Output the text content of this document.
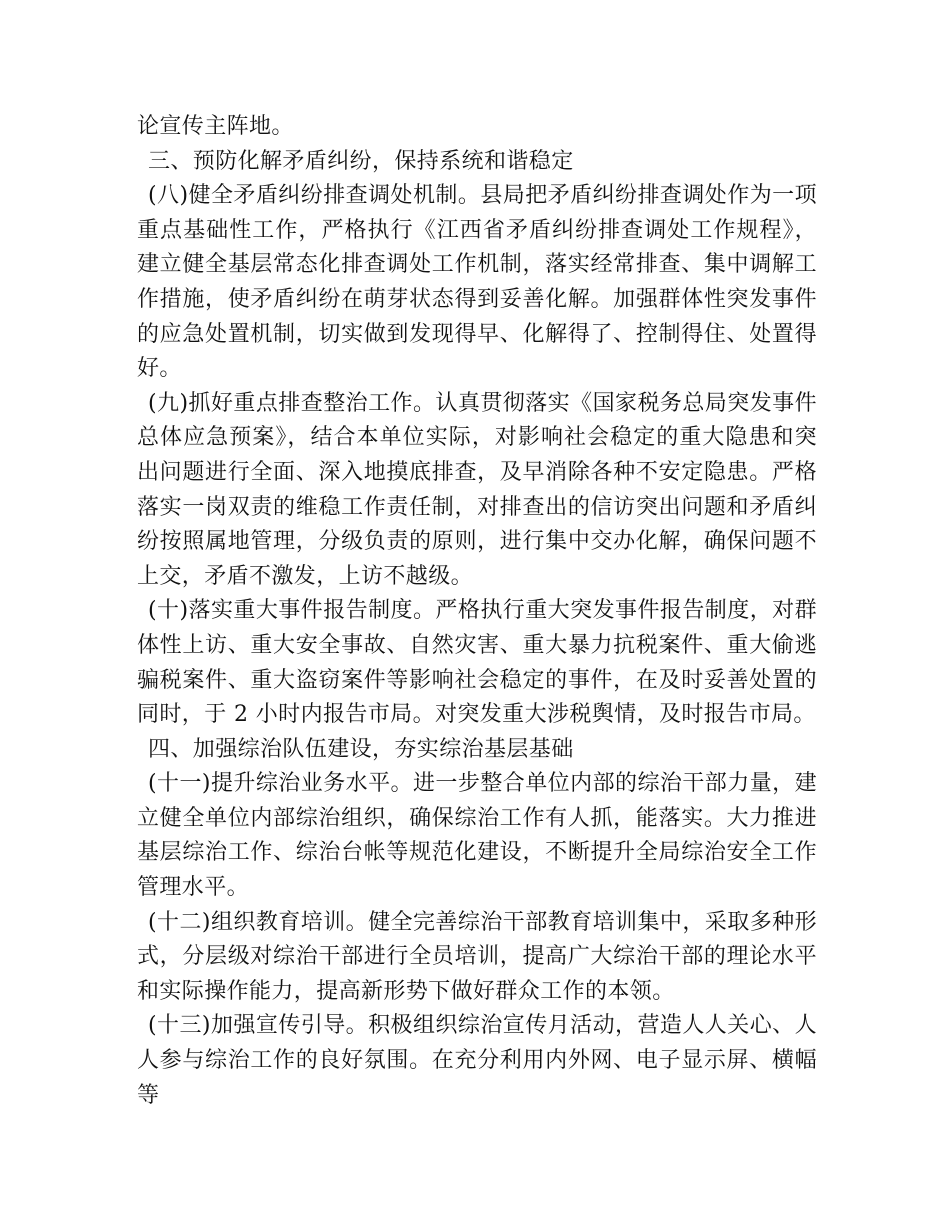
论宣传主阵地。

三、预防化解矛盾纠纷，保持系统和谐稳定

(八)健全矛盾纠纷排查调处机制。县局把矛盾纠纷排查调处作为一项重点基础性工作，严格执行《江西省矛盾纠纷排查调处工作规程》，建立健全基层常态化排查调处工作机制，落实经常排查、集中调解工作措施，使矛盾纠纷在萌芽状态得到妥善化解。加强群体性突发事件的应急处置机制，切实做到发现得早、化解得了、控制得住、处置得好。

(九)抓好重点排查整治工作。认真贯彻落实《国家税务总局突发事件总体应急预案》，结合本单位实际，对影响社会稳定的重大隐患和突出问题进行全面、深入地摸底排查，及早消除各种不安定隐患。严格落实一岗双责的维稳工作责任制，对排查出的信访突出问题和矛盾纠纷按照属地管理，分级负责的原则，进行集中交办化解，确保问题不上交，矛盾不激发，上访不越级。

(十)落实重大事件报告制度。严格执行重大突发事件报告制度，对群体性上访、重大安全事故、自然灾害、重大暴力抗税案件、重大偷逃骗税案件、重大盗窃案件等影响社会稳定的事件，在及时妥善处置的同时，于 2 小时内报告市局。对突发重大涉税舆情，及时报告市局。

四、加强综治队伍建设，夯实综治基层基础

(十一)提升综治业务水平。进一步整合单位内部的综治干部力量，建立健全单位内部综治组织，确保综治工作有人抓，能落实。大力推进基层综治工作、综治台帐等规范化建设，不断提升全局综治安全工作管理水平。

(十二)组织教育培训。健全完善综治干部教育培训集中，采取多种形式，分层级对综治干部进行全员培训，提高广大综治干部的理论水平和实际操作能力，提高新形势下做好群众工作的本领。

(十三)加强宣传引导。积极组织综治宣传月活动，营造人人关心、人人参与综治工作的良好氛围。在充分利用内外网、电子显示屏、横幅等
